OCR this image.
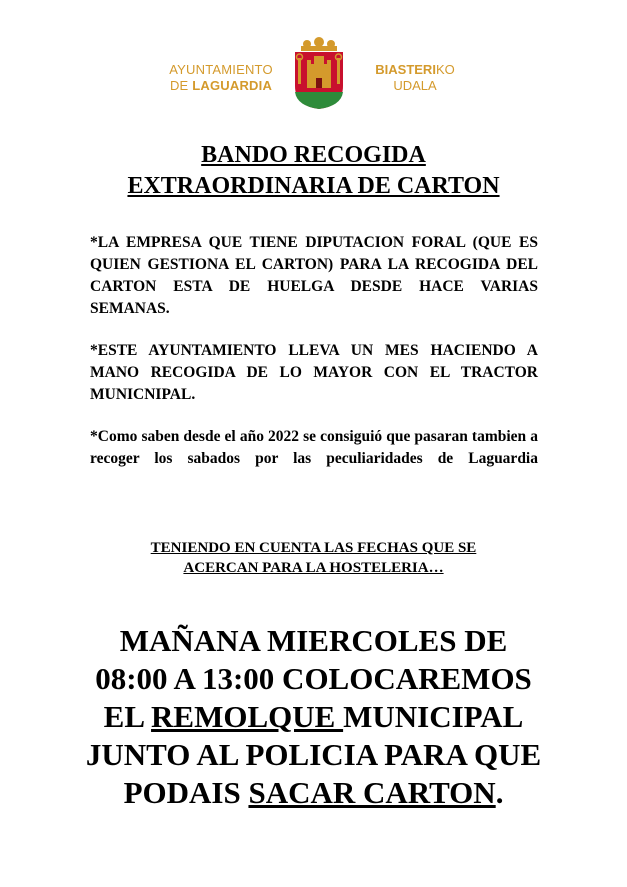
AYUNTAMIENTO
DE LAGUARDIA
BIASTERIKO
UDALA
BANDO RECOGIDA
EXTRAORDINARIA DE CARTON
*LA EMPRESA QUE TIENE DIPUTACION FORAL (QUE ES QUIEN GESTIONA EL CARTON) PARA LA RECOGIDA DEL CARTON ESTA DE HUELGA DESDE HACE VARIAS SEMANAS.
*ESTE AYUNTAMIENTO LLEVA UN MES HACIENDO A MANO RECOGIDA DE LO MAYOR CON EL TRACTOR MUNICNIPAL.
*Como saben desde el año 2022 se consiguió que pasaran tambien a recoger los sabados por las peculiaridades de Laguardia
TENIENDO EN CUENTA LAS FECHAS QUE SE
ACERCAN PARA LA HOSTELERIA…
MAÑANA MIERCOLES DE
08:00 A 13:00 COLOCAREMOS
EL REMOLQUE MUNICIPAL
JUNTO AL POLICIA PARA QUE
PODAIS SACAR CARTON.
